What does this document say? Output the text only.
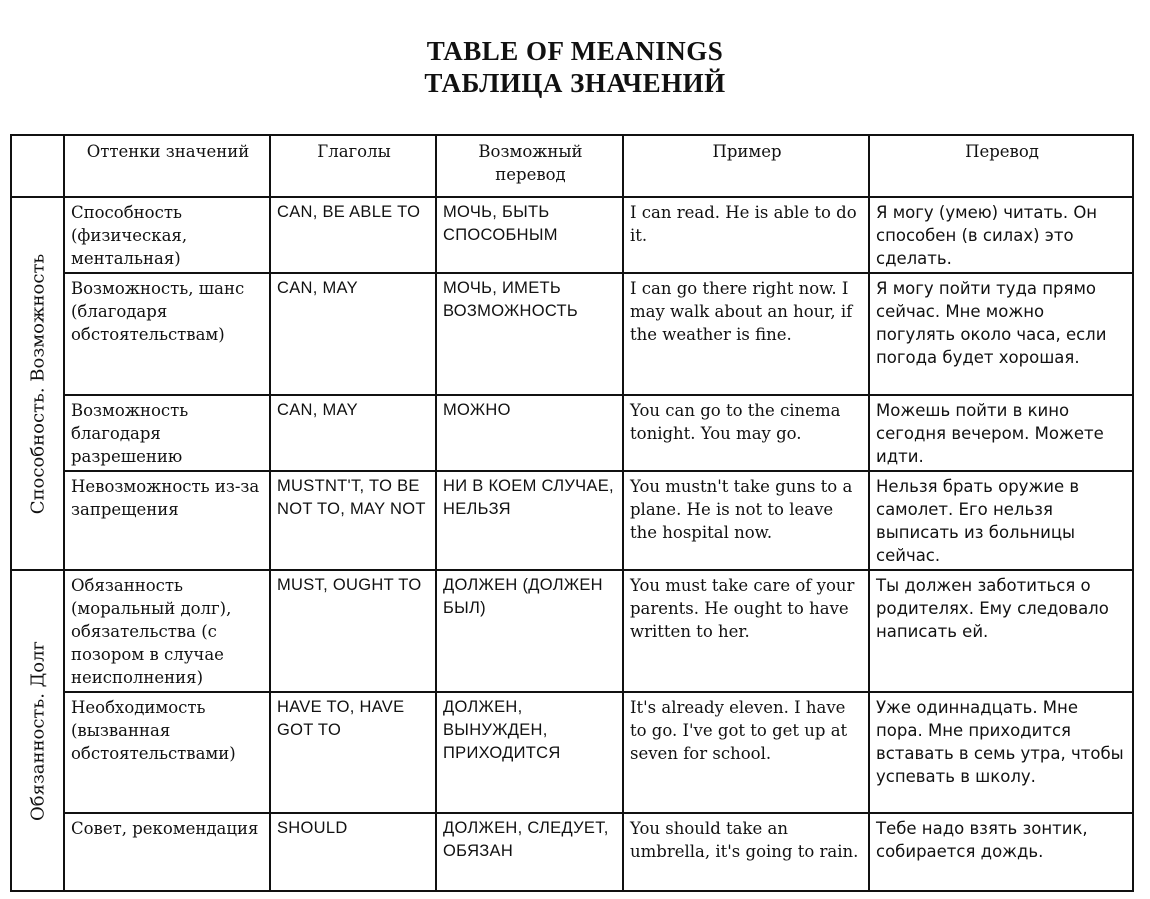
TABLE OF MEANINGS
ТАБЛИЦА ЗНАЧЕНИЙ
	Оттенки значений	Глаголы	Возможный перевод	Пример	Перевод

Способность. Возможность	Способность (физическая, ментальная)	CAN, BE ABLE TO	МОЧЬ, БЫТЬ СПОСОБНЫМ	I can read. He is able to do it.	Я могу (умею) читать. Он способен (в силах) это сделать.
	Возможность, шанс (благодаря обстоятельствам)	CAN, MAY	МОЧЬ, ИМЕТЬ ВОЗМОЖНОСТЬ	I can go there right now. I may walk about an hour, if the weather is fine.	Я могу пойти туда прямо сейчас. Мне можно погулять около часа, если погода будет хорошая.
	Возможность благодаря разрешению	CAN, MAY	МОЖНО	You can go to the cinema tonight. You may go.	Можешь пойти в кино сегодня вечером. Можете идти.
	Невозможность из-за запрещения	MUSTNT'T, TO BE NOT TO, MAY NOT	НИ В КОЕМ СЛУЧАЕ, НЕЛЬЗЯ	You mustn't take guns to a plane. He is not to leave the hospital now.	Нельзя брать оружие в самолет. Его нельзя выписать из больницы сейчас.

Обязанность. Долг	Обязанность (моральный долг), обязательства (с позором в случае неисполнения)	MUST, OUGHT TO	ДОЛЖЕН (ДОЛЖЕН БЫЛ)	You must take care of your parents. He ought to have written to her.	Ты должен заботиться о родителях. Ему следовало написать ей.
	Необходимость (вызванная обстоятельствами)	HAVE TO, HAVE GOT TO	ДОЛЖЕН, ВЫНУЖДЕН, ПРИХОДИТСЯ	It's already eleven. I have to go. I've got to get up at seven for school.	Уже одиннадцать. Мне пора. Мне приходится вставать в семь утра, чтобы успевать в школу.
	Совет, рекомендация	SHOULD	ДОЛЖЕН, СЛЕДУЕТ, ОБЯЗАН	You should take an umbrella, it's going to rain.	Тебе надо взять зонтик, собирается дождь.
